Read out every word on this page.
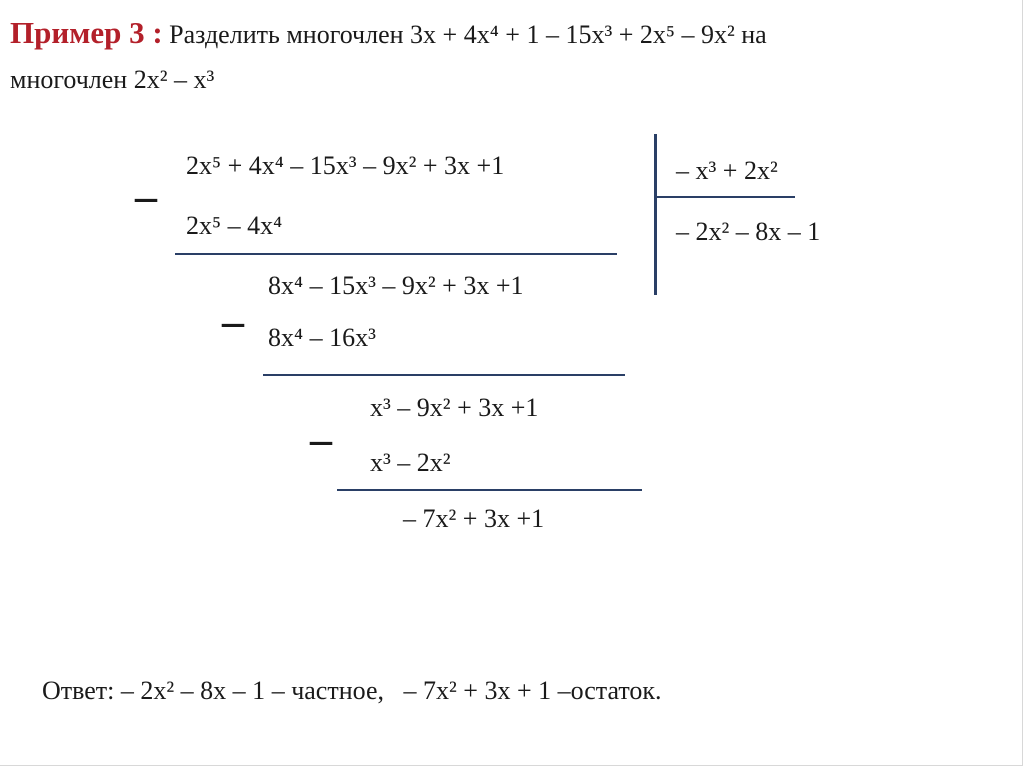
Пример 3 : Разделить многочлен 3x + 4x⁴ + 1 – 15x³ + 2x⁵ – 9x² на
многочлен 2x² – x³
2x⁵ + 4x⁴ – 15x³ – 9x² + 3x +1
–
2x⁵ – 4x⁴
8x⁴ – 15x³ – 9x² + 3x +1
– 8x⁴ – 16x³
x³ – 9x² + 3x +1
– x³ – 2x²
– 7x² + 3x +1
– x³ + 2x²
– 2x² – 8x – 1
Ответ: – 2x² – 8x – 1 – частное, – 7x² + 3x + 1 –остаток.
